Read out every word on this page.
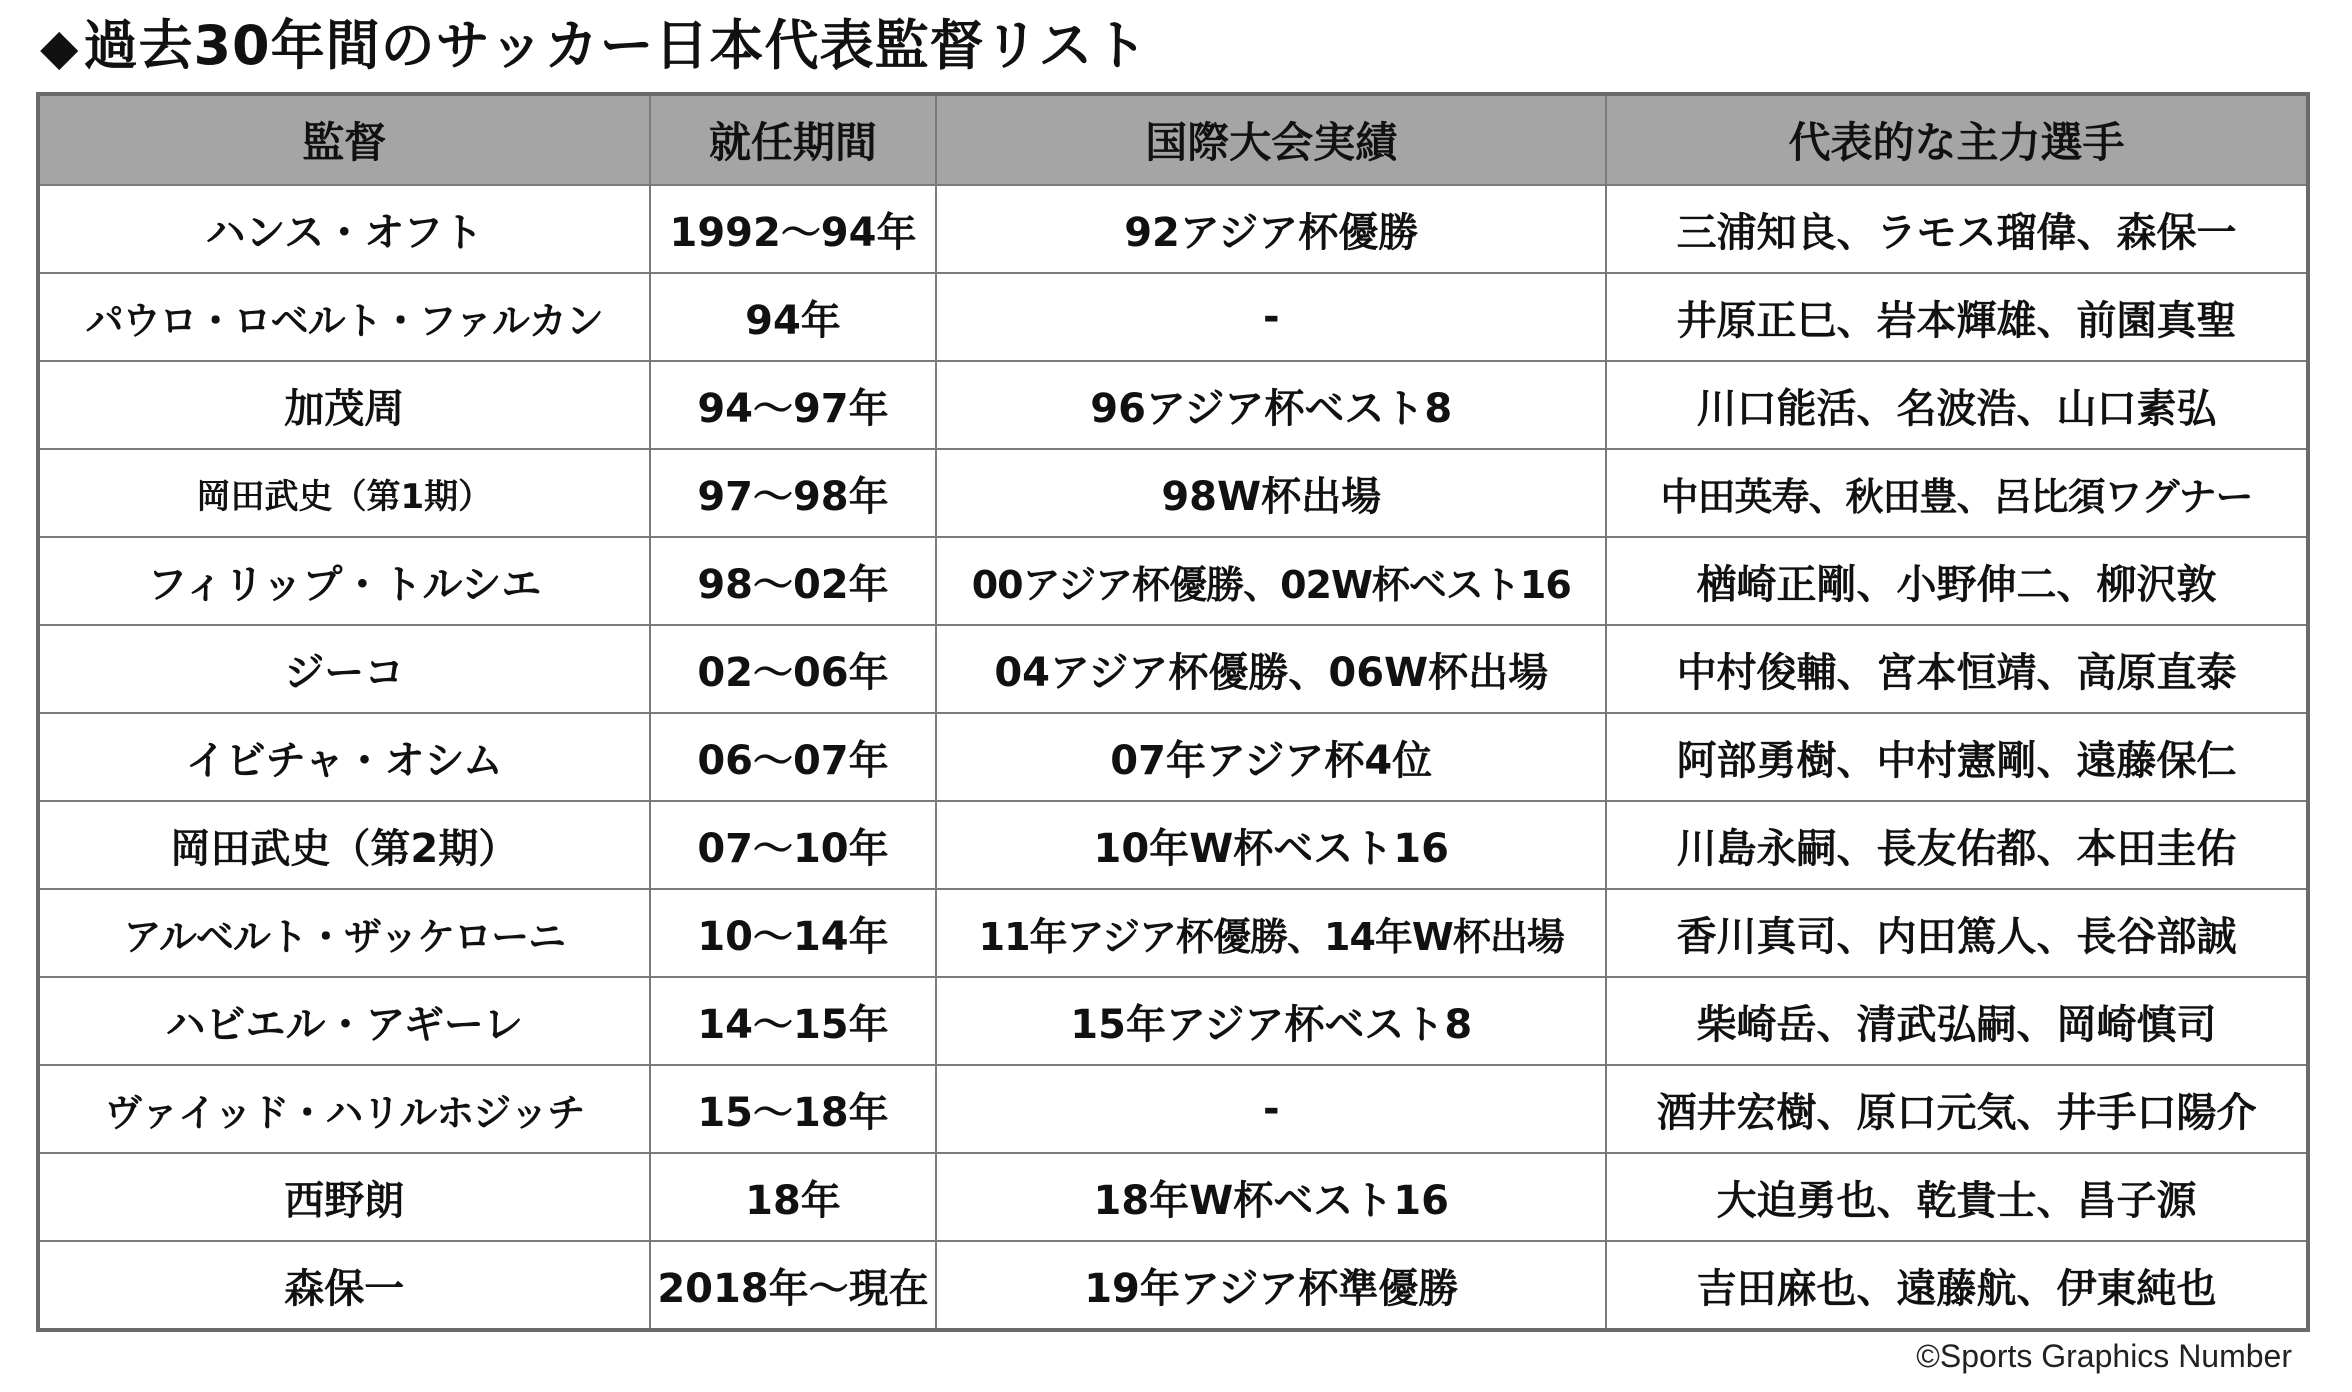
◆過去30年間のサッカー日本代表監督リスト
監督	就任期間	国際大会実績	代表的な主力選手
ハンス・オフト	1992～94年	92アジア杯優勝	三浦知良、ラモス瑠偉、森保一
パウロ・ロベルト・ファルカン	94年	-	井原正巳、岩本輝雄、前園真聖
加茂周	94～97年	96アジア杯ベスト8	川口能活、名波浩、山口素弘
岡田武史（第1期）	97～98年	98W杯出場	中田英寿、秋田豊、呂比須ワグナー
フィリップ・トルシエ	98～02年	00アジア杯優勝、02W杯ベスト16	楢崎正剛、小野伸二、柳沢敦
ジーコ	02～06年	04アジア杯優勝、06W杯出場	中村俊輔、宮本恒靖、高原直泰
イビチャ・オシム	06～07年	07年アジア杯4位	阿部勇樹、中村憲剛、遠藤保仁
岡田武史（第2期）	07～10年	10年W杯ベスト16	川島永嗣、長友佑都、本田圭佑
アルベルト・ザッケローニ	10～14年	11年アジア杯優勝、14年W杯出場	香川真司、内田篤人、長谷部誠
ハビエル・アギーレ	14～15年	15年アジア杯ベスト8	柴崎岳、清武弘嗣、岡崎慎司
ヴァイッド・ハリルホジッチ	15～18年	-	酒井宏樹、原口元気、井手口陽介
西野朗	18年	18年W杯ベスト16	大迫勇也、乾貴士、昌子源
森保一	2018年～現在	19年アジア杯準優勝	吉田麻也、遠藤航、伊東純也
©Sports Graphics Number
